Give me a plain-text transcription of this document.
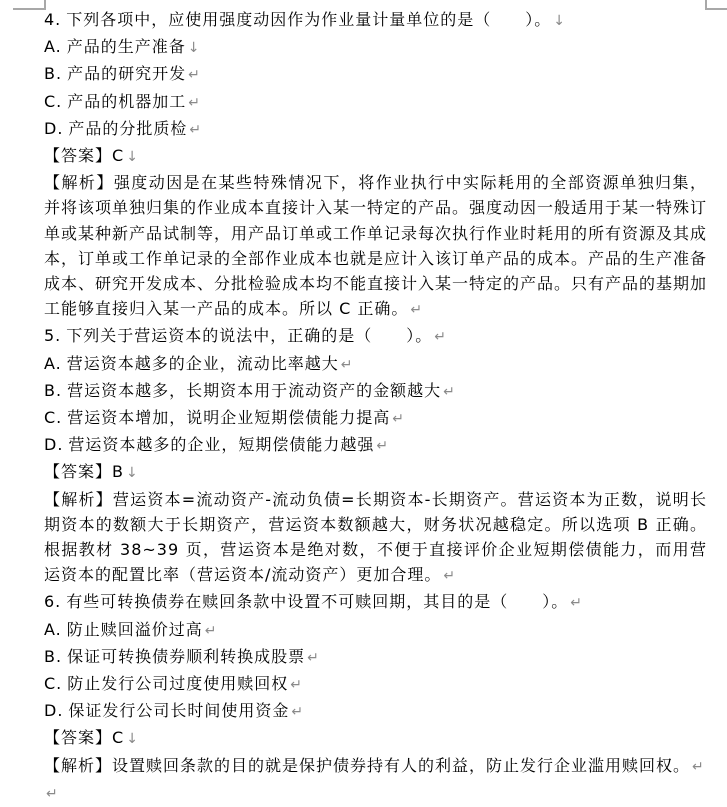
4. 下列各项中，应使用强度动因作为作业量计量单位的是（　　）。 ↓
A. 产品的生产准备 ↓
B. 产品的研究开发 ↵
C. 产品的机器加工 ↵
D. 产品的分批质检 ↵
【答案】C ↓
【解析】强度动因是在某些特殊情况下，将作业执行中实际耗用的全部资源单独归集，并将该项单独归集的作业成本直接计入某一特定的产品。强度动因一般适用于某一特殊订单或某种新产品试制等，用产品订单或工作单记录每次执行作业时耗用的所有资源及其成本，订单或工作单记录的全部作业成本也就是应计入该订单产品的成本。产品的生产准备成本、研究开发成本、分批检验成本均不能直接计入某一特定的产品。只有产品的基期加工能够直接归入某一产品的成本。所以 C 正确。 ↵
5. 下列关于营运资本的说法中，正确的是（　　）。 ↵
A. 营运资本越多的企业，流动比率越大 ↵
B. 营运资本越多，长期资本用于流动资产的金额越大 ↵
C. 营运资本增加，说明企业短期偿债能力提高 ↵
D. 营运资本越多的企业，短期偿债能力越强 ↵
【答案】B ↓
【解析】营运资本=流动资产-流动负债=长期资本-长期资产。营运资本为正数，说明长期资本的数额大于长期资产，营运资本数额越大，财务状况越稳定。所以选项 B 正确。根据教材 38~39 页，营运资本是绝对数，不便于直接评价企业短期偿债能力，而用营运资本的配置比率（营运资本/流动资产）更加合理。 ↵
6. 有些可转换债券在赎回条款中设置不可赎回期，其目的是（　　）。 ↵
A. 防止赎回溢价过高 ↵
B. 保证可转换债券顺利转换成股票 ↵
C. 防止发行公司过度使用赎回权 ↵
D. 保证发行公司长时间使用资金 ↵
【答案】C ↓
【解析】设置赎回条款的目的就是保护债券持有人的利益，防止发行企业滥用赎回权。 ↵
↵
